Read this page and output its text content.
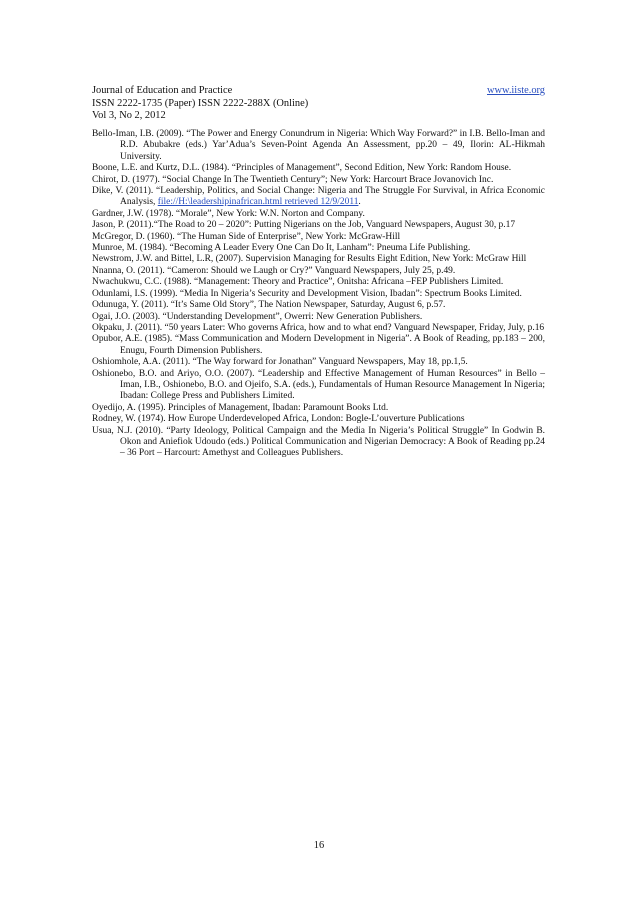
Journal of Education and Practice	www.iiste.org
ISSN 2222-1735 (Paper) ISSN 2222-288X (Online)
Vol 3, No 2, 2012

Bello-Iman, I.B. (2009). “The Power and Energy Conundrum in Nigeria: Which Way Forward?” in I.B. Bello-Iman and R.D. Abubakre (eds.) Yar’Adua’s Seven-Point Agenda An Assessment, pp.20 – 49, Ilorin: AL-Hikmah University.

Boone, L.E. and Kurtz, D.L. (1984). “Principles of Management”, Second Edition, New York: Random House.

Chirot, D. (1977). “Social Change In The Twentieth Century”; New York: Harcourt Brace Jovanovich Inc.

Dike, V. (2011). “Leadership, Politics, and Social Change: Nigeria and The Struggle For Survival, in Africa Economic Analysis, file://H:\leadershipinafrican.html retrieved 12/9/2011.

Gardner, J.W. (1978). “Morale”, New York: W.N. Norton and Company.

Jason, P. (2011).“The Road to 20 – 2020”: Putting Nigerians on the Job, Vanguard Newspapers, August 30, p.17

McGregor, D. (1960). “The Human Side of Enterprise”, New York: McGraw-Hill

Munroe, M. (1984). “Becoming A Leader Every One Can Do It, Lanham”: Pneuma Life Publishing.

Newstrom, J.W. and Bittel, L.R, (2007). Supervision Managing for Results Eight Edition, New York: McGraw Hill

Nnanna, O. (2011). “Cameron: Should we Laugh or Cry?” Vanguard Newspapers, July 25, p.49.

Nwachukwu, C.C. (1988). “Management: Theory and Practice”, Onitsha: Africana –FEP Publishers Limited.

Odunlami, I.S. (1999). “Media In Nigeria’s Security and Development Vision, Ibadan”: Spectrum Books Limited.

Odunuga, Y. (2011). “It’s Same Old Story”, The Nation Newspaper, Saturday, August 6, p.57.

Ogai, J.O. (2003). “Understanding Development”, Owerri: New Generation Publishers.

Okpaku, J. (2011). “50 years Later: Who governs Africa, how and to what end? Vanguard Newspaper, Friday, July, p.16

Opubor, A.E. (1985). “Mass Communication and Modern Development in Nigeria”. A Book of Reading, pp.183 – 200, Enugu, Fourth Dimension Publishers.

Oshiomhole, A.A. (2011). “The Way forward for Jonathan” Vanguard Newspapers, May 18, pp.1,5.

Oshionebo, B.O. and Ariyo, O.O. (2007). “Leadership and Effective Management of Human Resources” in Bello – Iman, I.B., Oshionebo, B.O. and Ojeifo, S.A. (eds.), Fundamentals of Human Resource Management In Nigeria; Ibadan: College Press and Publishers Limited.

Oyedijo, A. (1995). Principles of Management, Ibadan: Paramount Books Ltd.

Rodney, W. (1974). How Europe Underdeveloped Africa, London: Bogle-L’ouverture Publications

Usua, N.J. (2010). “Party Ideology, Political Campaign and the Media In Nigeria’s Political Struggle” In Godwin B. Okon and Aniefiok Udoudo (eds.) Political Communication and Nigerian Democracy: A Book of Reading pp.24 – 36 Port – Harcourt: Amethyst and Colleagues Publishers.

16
